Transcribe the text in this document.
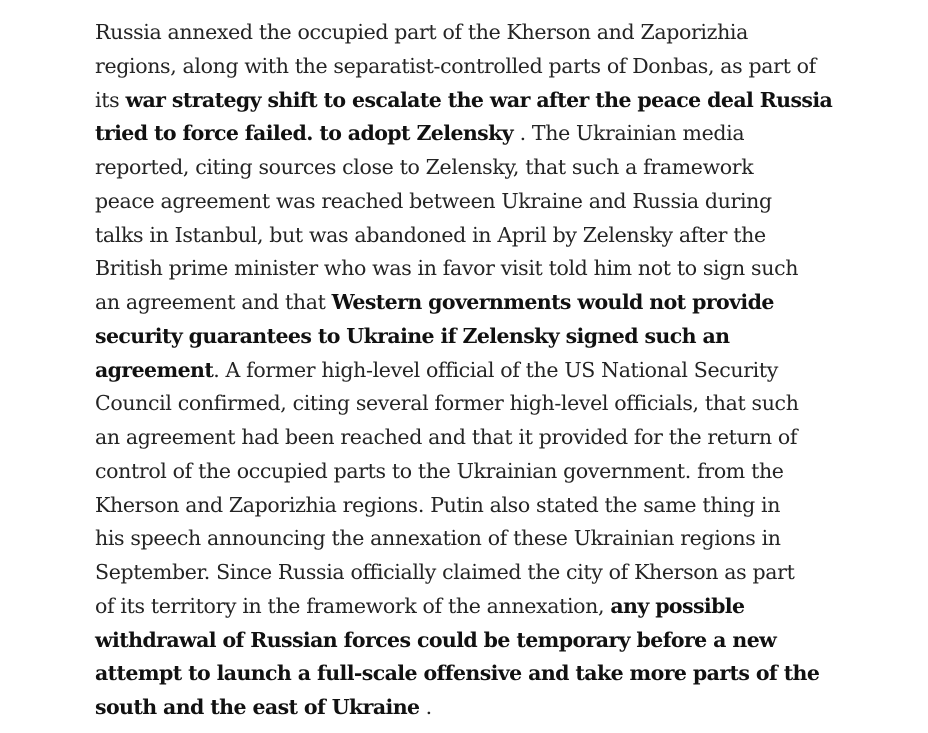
Russia annexed the occupied part of the Kherson and Zaporizhia
regions, along with the separatist-controlled parts of Donbas, as part of
its war strategy shift to escalate the war after the peace deal Russia
tried to force failed. to adopt Zelensky . The Ukrainian media
reported, citing sources close to Zelensky, that such a framework
peace agreement was reached between Ukraine and Russia during
talks in Istanbul, but was abandoned in April by Zelensky after the
British prime minister who was in favor visit told him not to sign such
an agreement and that Western governments would not provide
security guarantees to Ukraine if Zelensky signed such an
agreement. A former high-level official of the US National Security
Council confirmed, citing several former high-level officials, that such
an agreement had been reached and that it provided for the return of
control of the occupied parts to the Ukrainian government. from the
Kherson and Zaporizhia regions. Putin also stated the same thing in
his speech announcing the annexation of these Ukrainian regions in
September. Since Russia officially claimed the city of Kherson as part
of its territory in the framework of the annexation, any possible
withdrawal of Russian forces could be temporary before a new
attempt to launch a full-scale offensive and take more parts of the
south and the east of Ukraine .
